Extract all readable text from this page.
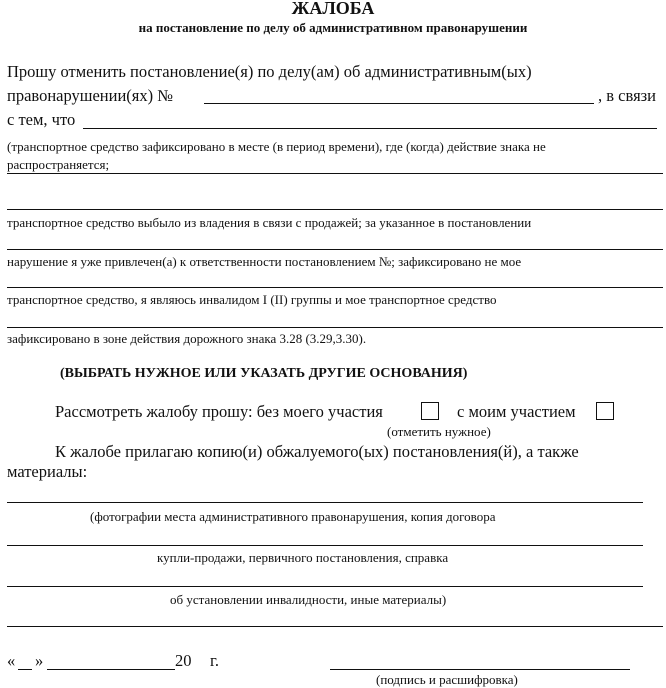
ЖАЛОБА
на постановление по делу об административном правонарушении
Прошу отменить постановление(я) по делу(ам) об административным(ых)
правонарушении(ях) №	, в связи
с тем, что
(транспортное средство зафиксировано в месте (в период времени), где (когда) действие знака не
распространяется;
транспортное средство выбыло из владения в связи с продажей; за указанное в постановлении
нарушение я уже привлечен(а) к ответственности постановлением №; зафиксировано не мое
транспортное средство, я являюсь инвалидом I (II) группы и мое транспортное средство
зафиксировано в зоне действия дорожного знака 3.28 (3.29,3.30).
(ВЫБРАТЬ НУЖНОЕ ИЛИ УКАЗАТЬ ДРУГИЕ ОСНОВАНИЯ)
Рассмотреть жалобу прошу: без моего участия	с моим участием
(отметить нужное)
К жалобе прилагаю копию(и) обжалуемого(ых) постановления(й), а также
материалы:
(фотографии места административного правонарушения, копия договора
купли-продажи, первичного постановления, справка
об установлении инвалидности, иные материалы)
« »	20 г.
(подпись и расшифровка)
